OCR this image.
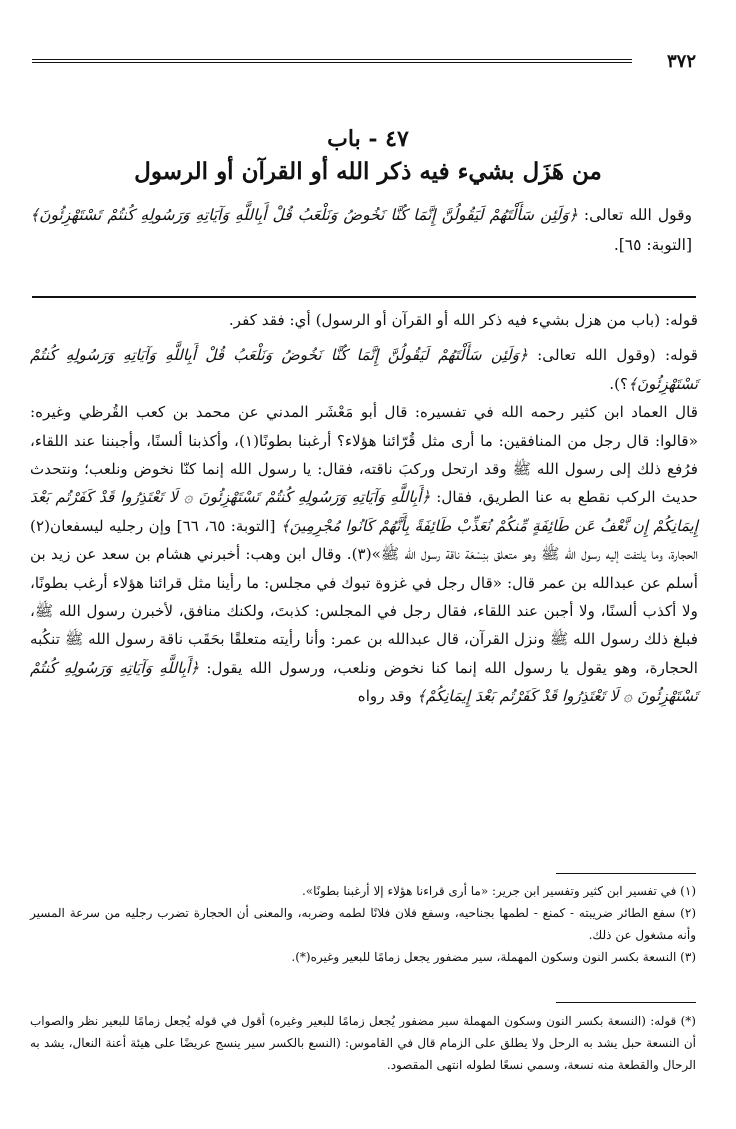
٣٧٢
٤٧ - باب
من هَزَل بشيء فيه ذكر الله أو القرآن أو الرسول
وقول الله تعالى: ﴿وَلَئِن سَأَلْتَهُمْ لَيَقُولُنَّ إِنَّمَا كُنَّا نَخُوضُ وَنَلْعَبُ قُلْ أَبِاللَّهِ وَآيَاتِهِ وَرَسُولِهِ كُنتُمْ تَسْتَهْزِئُونَ﴾ [التوبة: ٦٥].

قوله: (باب من هزل بشيء فيه ذكر الله أو القرآن أو الرسول) أي: فقد كفر.

قوله: (وقول الله تعالى: ﴿وَلَئِن سَأَلْتَهُمْ لَيَقُولُنَّ إِنَّمَا كُنَّا نَخُوضُ وَنَلْعَبُ قُلْ أَبِاللَّهِ وَآيَاتِهِ وَرَسُولِهِ كُنتُمْ تَسْتَهْزِئُونَ﴾؟).

قال العماد ابن كثير رحمه الله في تفسيره: قال أبو مَعْشَر المدني عن محمد بن كعب القُرظي وغيره: «قالوا: قال رجل من المنافقين: ما أرى مثل قُرّائنا هؤلاء؟ أرغبنا بطونًا(١)، وأكذبنا ألسنًا، وأجبننا عند اللقاء، فرُفع ذلك إلى رسول الله ﷺ وقد ارتحل وركبَ ناقته، فقال: يا رسول الله إنما كنّا نخوض ونلعب؛ ونتحدث حديث الركب نقطع به عنا الطريق، فقال: ﴿أَبِاللَّهِ وَآيَاتِهِ وَرَسُولِهِ كُنتُمْ تَسْتَهْزِئُونَ ۞ لَا تَعْتَذِرُوا قَدْ كَفَرْتُم بَعْدَ إِيمَانِكُمْ إِن نَّعْفُ عَن طَائِفَةٍ مِّنكُمْ نُعَذِّبْ طَائِفَةً بِأَنَّهُمْ كَانُوا مُجْرِمِينَ﴾ [التوبة: ٦٥، ٦٦] وإن رجليه ليسفعان(٢) الحجارة، وما يلتفت إليه رسول الله ﷺ وهو متعلق بنِسْعَة ناقة رسول الله ﷺ»(٣). وقال ابن وهب: أخبرني هشام بن سعد عن زيد بن أسلم عن عبدالله بن عمر قال: «قال رجل في غزوة تبوك في مجلس: ما رأينا مثل قرائنا هؤلاء أرغب بطونًا، ولا أكذب ألسنًا، ولا أجبن عند اللقاء، فقال رجل في المجلس: كذبتَ، ولكنك منافق، لأخبرن رسول الله ﷺ، فبلغ ذلك رسول الله ﷺ ونزل القرآن، قال عبدالله بن عمر: وأنا رأيته متعلقًا بحَقَب ناقة رسول الله ﷺ تنكُبه الحجارة، وهو يقول يا رسول الله إنما كنا نخوض ونلعب، ورسول الله يقول: ﴿أَبِاللَّهِ وَآيَاتِهِ وَرَسُولِهِ كُنتُمْ تَسْتَهْزِئُونَ ۞ لَا تَعْتَذِرُوا قَدْ كَفَرْتُم بَعْدَ إِيمَانِكُمْ﴾ وقد رواه

(١) في تفسير ابن كثير وتفسير ابن جرير: «ما أرى قراءنا هؤلاء إلا أرغبنا بطونًا».

(٢) سفع الطائر ضريبته - كمنع - لطمها بجناحيه، وسفع فلان فلانًا لطمه وضربه، والمعنى أن الحجارة تضرب رجليه من سرعة المسير وأنه مشغول عن ذلك.

(٣) النسعة بكسر النون وسكون المهملة، سير مضفور يجعل زمامًا للبعير وغيره(*).

(*) قوله: (النسعة بكسر النون وسكون المهملة سير مضفور يُجعل زمامًا للبعير وغيره) أقول في قوله يُجعل زمامًا للبعير نظر والصواب أن النسعة حبل يشد به الرحل ولا يطلق على الزمام قال في القاموس: (النسع بالكسر سير ينسج عريضًا على هيئة أعنة النعال، يشد به الرحال والقطعة منه نسعة، وسمي نسعًا لطوله انتهى المقصود.
